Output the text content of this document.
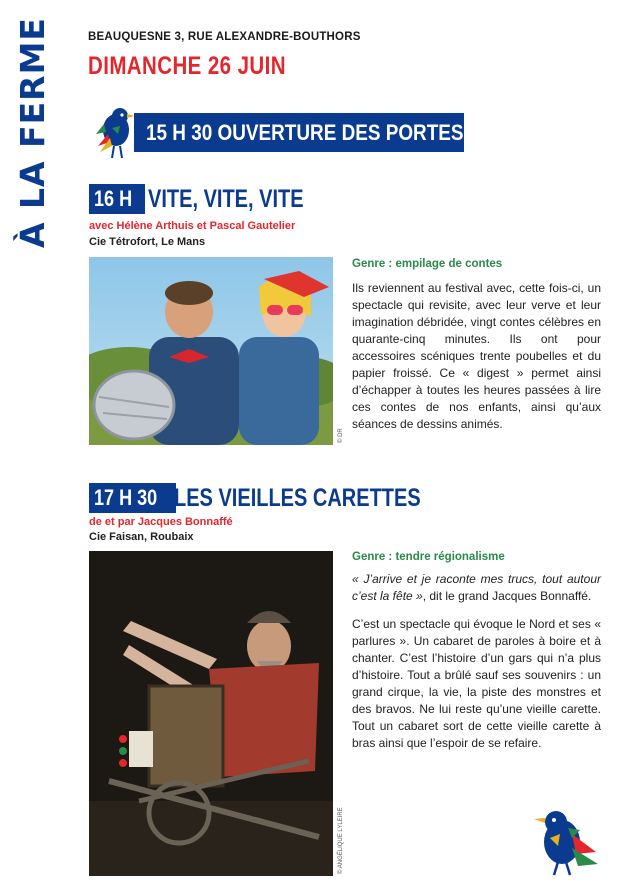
À LA FERME	BEAUQUESNE 3, RUE ALEXANDRE-BOUTHORS
DIMANCHE 26 JUIN
15 H 30 OUVERTURE DES PORTES
16 H VITE, VITE, VITE
avec Hélène Arthuis et Pascal Gautelier
Cie Tétrofort, Le Mans
© DR
Genre : empilage de contes

Ils reviennent au festival avec, cette fois-ci, un spectacle qui revisite, avec leur verve et leur imagination débridée, vingt contes célèbres en quarante-cinq minutes. Ils ont pour accessoires scéniques trente poubelles et du papier froissé. Ce « digest » permet ainsi d’échapper à toutes les heures passées à lire ces contes de nos enfants, ainsi qu’aux séances de dessins animés.

17 H 30 LES VIEILLES CARETTES
de et par Jacques Bonnaffé
Cie Faisan, Roubaix
© ANGÉLIQUE LYLEIRE
Genre : tendre régionalisme

« J’arrive et je raconte mes trucs, tout autour c’est la fête », dit le grand Jacques Bonnaffé.

C’est un spectacle qui évoque le Nord et ses « parlures ». Un cabaret de paroles à boire et à chanter. C’est l’histoire d’un gars qui n’a plus d’histoire. Tout a brûlé sauf ses souvenirs : un grand cirque, la vie, la piste des monstres et des bravos. Ne lui reste qu’une vieille carette. Tout un cabaret sort de cette vieille carette à bras ainsi que l’espoir de se refaire.
